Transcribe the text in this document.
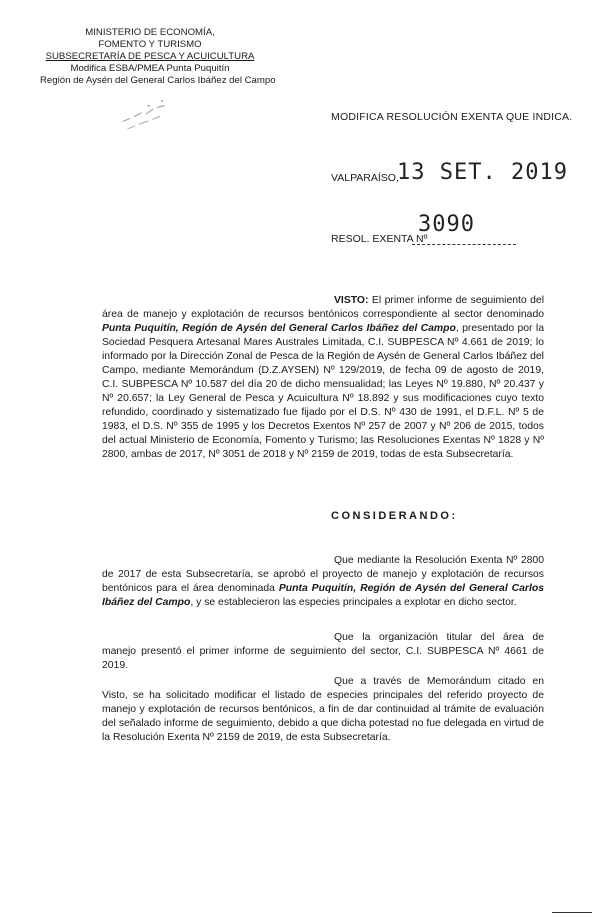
MINISTERIO DE ECONOMÍA,
FOMENTO Y TURISMO
SUBSECRETARÍA DE PESCA Y ACUICULTURA
Modifica ESBA/PMEA Punta Puquitín
Región de Aysén del General Carlos Ibáñez del Campo
MODIFICA RESOLUCIÓN EXENTA QUE INDICA.
VALPARAÍSO,
13 SET. 2019
RESOL. EXENTA Nº
3090
VISTO: El primer informe de seguimiento del área de manejo y explotación de recursos bentónicos correspondiente al sector denominado Punta Puquitín, Región de Aysén del General Carlos Ibáñez del Campo, presentado por la Sociedad Pesquera Artesanal Mares Australes Limitada, C.I. SUBPESCA Nº 4.661 de 2019; lo informado por la Dirección Zonal de Pesca de la Región de Aysén de General Carlos Ibáñez del Campo, mediante Memorándum (D.Z.AYSEN) Nº 129/2019, de fecha 09 de agosto de 2019, C.I. SUBPESCA Nº 10.587 del día 20 de dicho mensualidad; las Leyes Nº 19.880, Nº 20.437 y Nº 20.657; la Ley General de Pesca y Acuicultura Nº 18.892 y sus modificaciones cuyo texto refundido, coordinado y sistematizado fue fijado por el D.S. Nº 430 de 1991, el D.F.L. Nº 5 de 1983, el D.S. Nº 355 de 1995 y los Decretos Exentos Nº 257 de 2007 y Nº 206 de 2015, todos del actual Ministerio de Economía, Fomento y Turismo; las Resoluciones Exentas Nº 1828 y Nº 2800, ambas de 2017, Nº 3051 de 2018 y Nº 2159 de 2019, todas de esta Subsecretaría.
CONSIDERANDO:
Que mediante la Resolución Exenta Nº 2800 de 2017 de esta Subsecretaría, se aprobó el proyecto de manejo y explotación de recursos bentónicos para el área denominada Punta Puquitín, Región de Aysén del General Carlos Ibáñez del Campo, y se establecieron las especies principales a explotar en dicho sector.
Que la organización titular del área de manejo presentó el primer informe de seguimiento del sector, C.I. SUBPESCA Nº 4661 de 2019.
Que a través de Memorándum citado en Visto, se ha solicitado modificar el listado de especies principales del referido proyecto de manejo y explotación de recursos bentónicos, a fin de dar continuidad al trámite de evaluación del señalado informe de seguimiento, debido a que dicha potestad no fue delegada en virtud de la Resolución Exenta Nº 2159 de 2019, de esta Subsecretaría.
